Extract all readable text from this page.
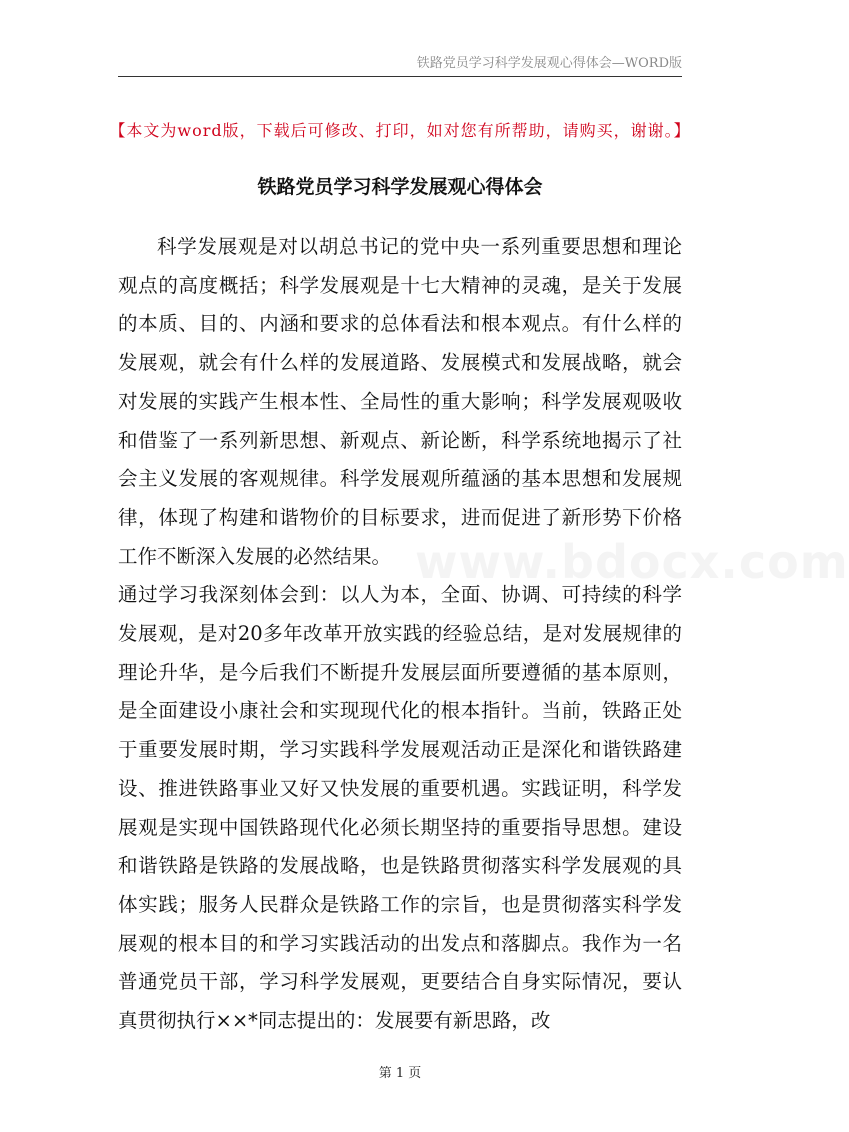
铁路党员学习科学发展观心得体会—WORD版
【本文为word版，下载后可修改、打印，如对您有所帮助，请购买，谢谢。】
铁路党员学习科学发展观心得体会

科学发展观是对以胡总书记的党中央一系列重要思想和理论观点的高度概括；科学发展观是十七大精神的灵魂，是关于发展的本质、目的、内涵和要求的总体看法和根本观点。有什么样的发展观，就会有什么样的发展道路、发展模式和发展战略，就会对发展的实践产生根本性、全局性的重大影响；科学发展观吸收和借鉴了一系列新思想、新观点、新论断，科学系统地揭示了社会主义发展的客观规律。科学发展观所蕴涵的基本思想和发展规律，体现了构建和谐物价的目标要求，进而促进了新形势下价格工作不断深入发展的必然结果。

通过学习我深刻体会到：以人为本，全面、协调、可持续的科学发展观，是对20多年改革开放实践的经验总结，是对发展规律的理论升华，是今后我们不断提升发展层面所要遵循的基本原则，是全面建设小康社会和实现现代化的根本指针。当前，铁路正处于重要发展时期，学习实践科学发展观活动正是深化和谐铁路建设、推进铁路事业又好又快发展的重要机遇。实践证明，科学发展观是实现中国铁路现代化必须长期坚持的重要指导思想。建设和谐铁路是铁路的发展战略，也是铁路贯彻落实科学发展观的具体实践；服务人民群众是铁路工作的宗旨，也是贯彻落实科学发展观的根本目的和学习实践活动的出发点和落脚点。我作为一名普通党员干部，学习科学发展观，更要结合自身实际情况，要认真贯彻执行××*同志提出的：发展要有新思路，改

www.bdocx.com
第 1 页
